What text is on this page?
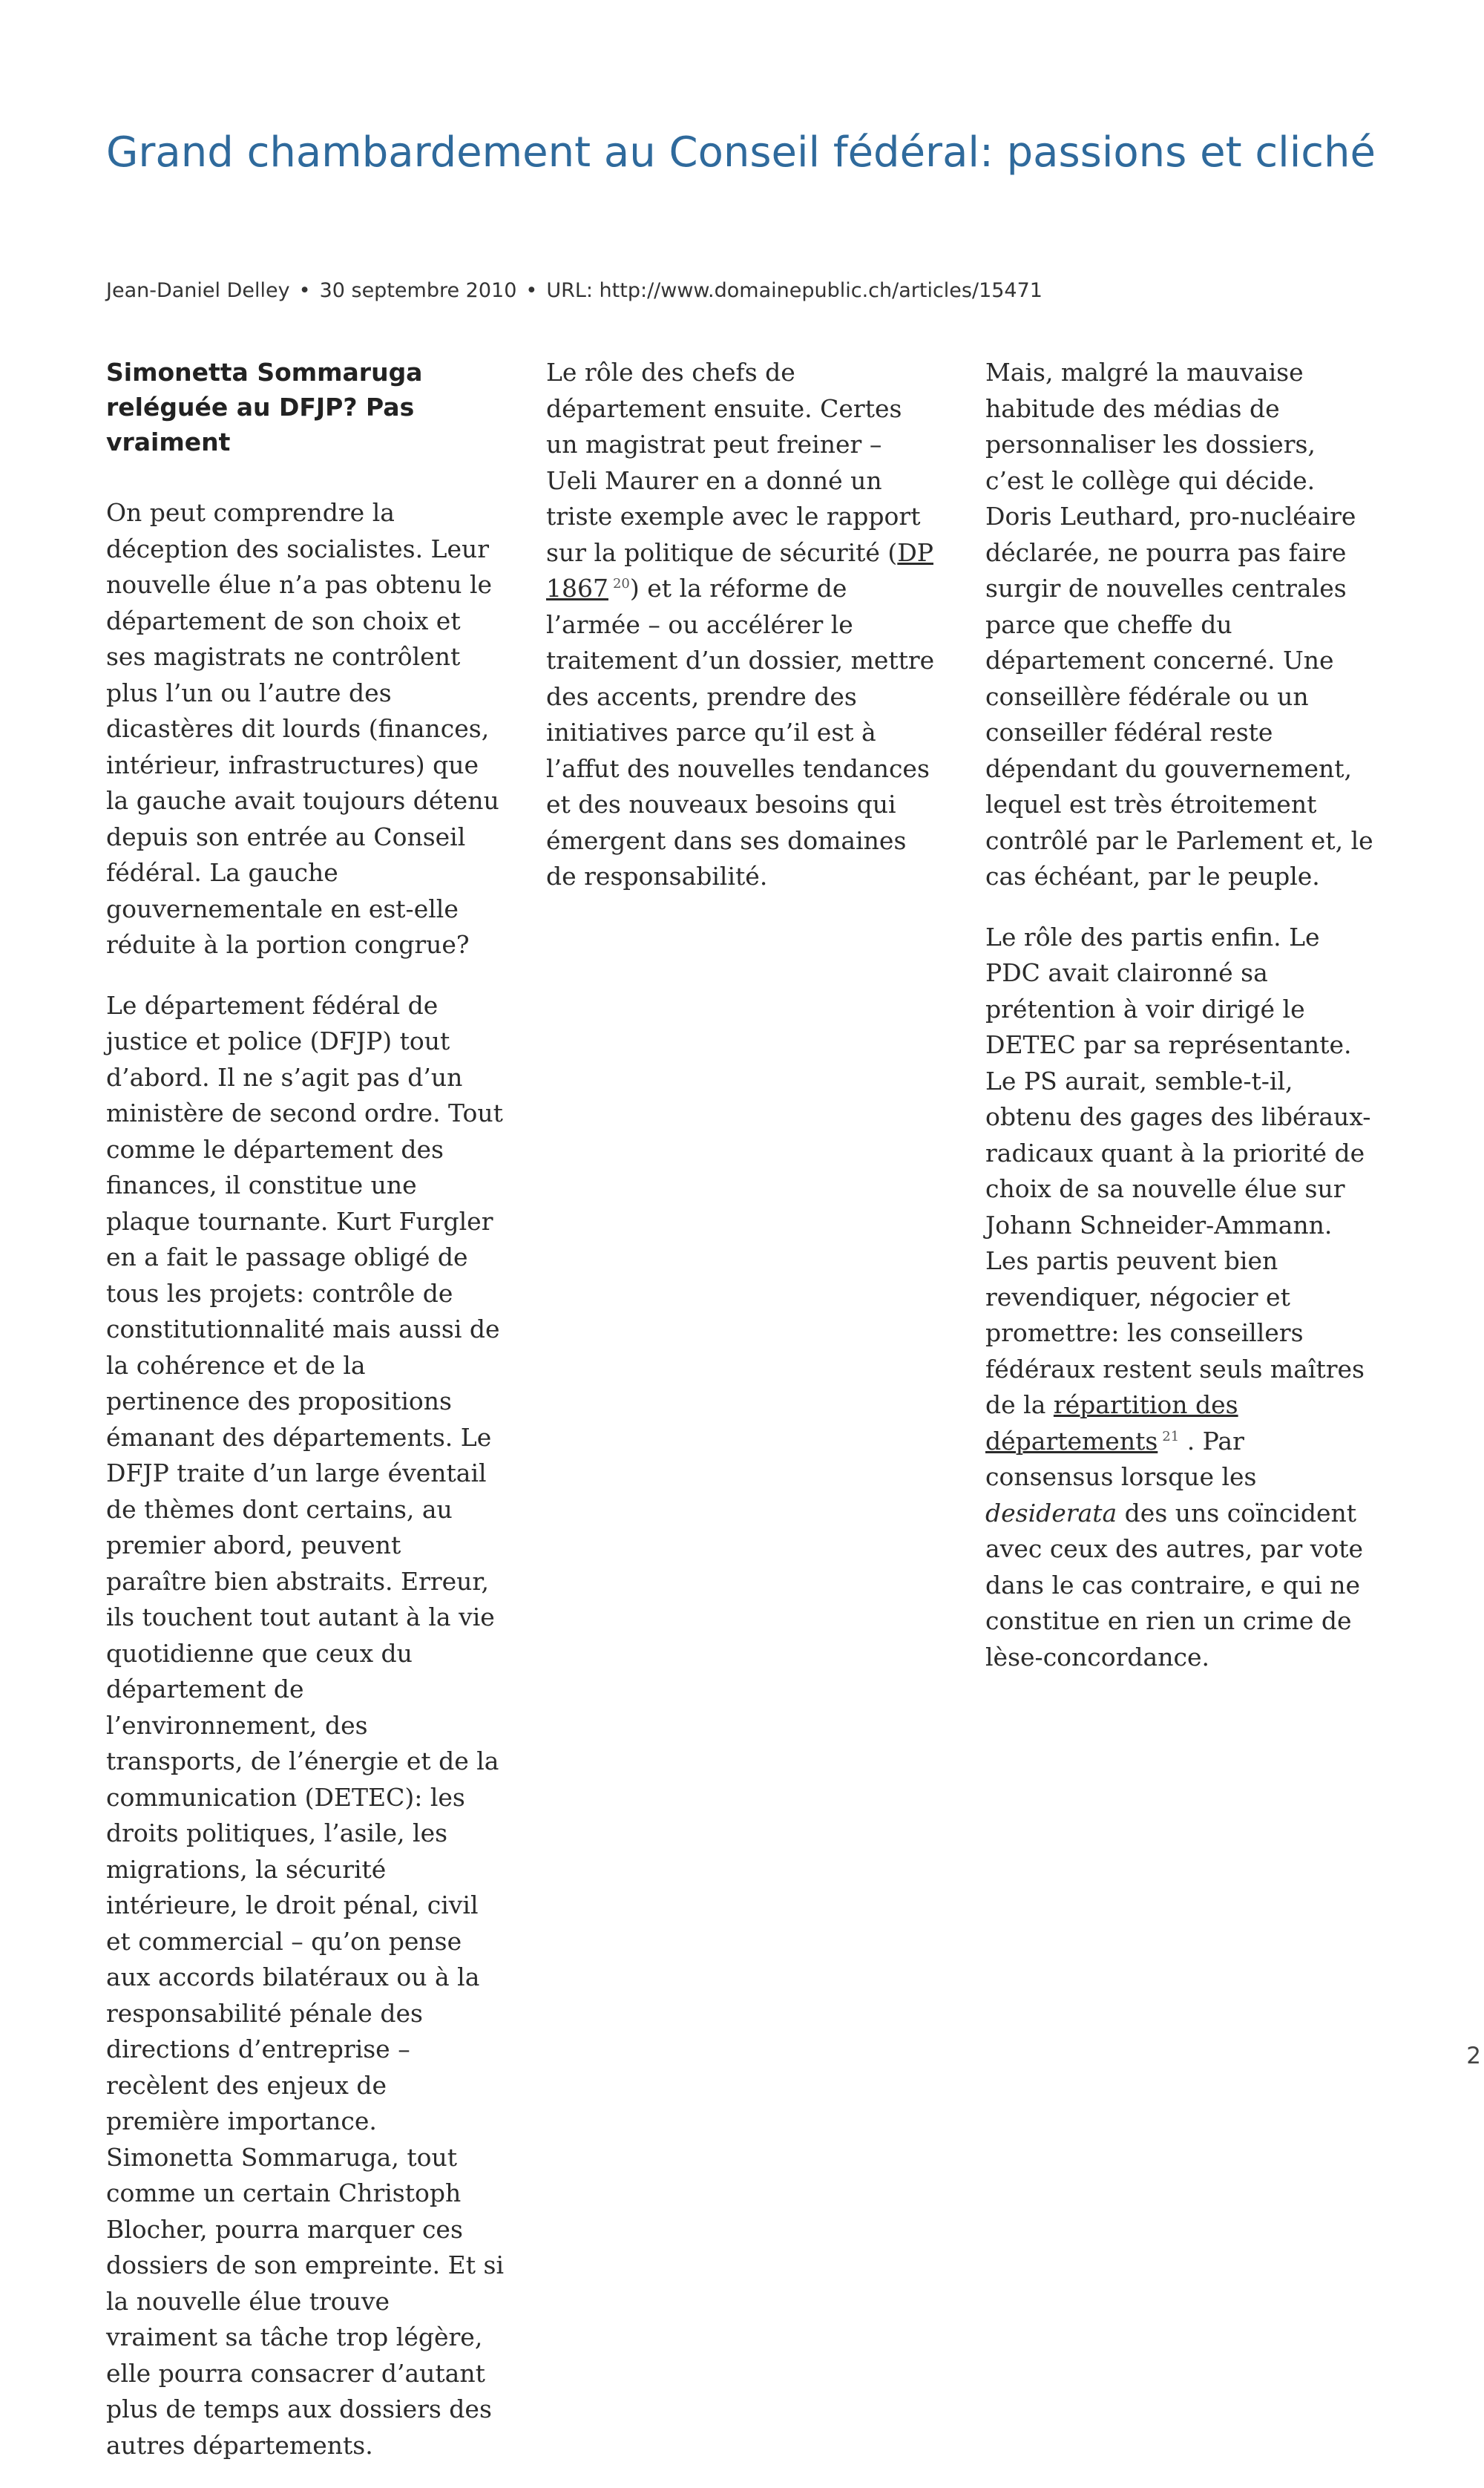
Grand chambardement au Conseil fédéral: passions et cliché
Jean-Daniel Delley • 30 septembre 2010 • URL: http://www.domainepublic.ch/articles/15471
Simonetta Sommaruga reléguée au DFJP? Pas vraiment

On peut comprendre la déception des socialistes. Leur nouvelle élue n’a pas obtenu le département de son choix et ses magistrats ne contrôlent plus l’un ou l’autre des dicastères dit lourds (finances, intérieur, infrastructures) que la gauche avait toujours détenu depuis son entrée au Conseil fédéral. La gauche gouvernementale en est-elle réduite à la portion congrue?

Le département fédéral de justice et police (DFJP) tout d’abord. Il ne s’agit pas d’un ministère de second ordre. Tout comme le département des finances, il constitue une plaque tournante. Kurt Furgler en a fait le passage obligé de tous les projets: contrôle de constitutionnalité mais aussi de la cohérence et de la pertinence des propositions émanant des départements. Le DFJP traite d’un large éventail de thèmes dont certains, au premier abord, peuvent paraître bien abstraits. Erreur, ils touchent tout autant à la vie quotidienne que ceux du département de l’environnement, des transports, de l’énergie et de la communication (DETEC): les droits politiques, l’asile, les migrations, la sécurité intérieure, le droit pénal, civil et commercial – qu’on pense aux accords bilatéraux ou à la responsabilité pénale des directions d’entreprise – recèlent des enjeux de première importance. Simonetta Sommaruga, tout comme un certain Christoph Blocher, pourra marquer ces dossiers de son empreinte. Et si la nouvelle élue trouve vraiment sa tâche trop légère, elle pourra consacrer d’autant plus de temps aux dossiers des autres départements.

Le rôle des chefs de département ensuite. Certes un magistrat peut freiner – Ueli Maurer en a donné un triste exemple avec le rapport sur la politique de sécurité (DP 1867 $^{20}$) et la réforme de l’armée – ou accélérer le traitement d’un dossier, mettre des accents, prendre des initiatives parce qu’il est à l’affut des nouvelles tendances et des nouveaux besoins qui émergent dans ses domaines de responsabilité.

Mais, malgré la mauvaise habitude des médias de personnaliser les dossiers, c’est le collège qui décide. Doris Leuthard, pro-nucléaire déclarée, ne pourra pas faire surgir de nouvelles centrales parce que cheffe du département concerné. Une conseillère fédérale ou un conseiller fédéral reste dépendant du gouvernement, lequel est très étroitement contrôlé par le Parlement et, le cas échéant, par le peuple.

Le rôle des partis enfin. Le PDC avait claironné sa prétention à voir dirigé le DETEC par sa représentante. Le PS aurait, semble-t-il, obtenu des gages des libéraux-radicaux quant à la priorité de choix de sa nouvelle élue sur Johann Schneider-Ammann. Les partis peuvent bien revendiquer, négocier et promettre: les conseillers fédéraux restent seuls maîtres de la répartition des départements $^{21}$ . Par consensus lorsque les desiderata des uns coïncident avec ceux des autres, par vote dans le cas contraire, e qui ne constitue en rien un crime de lèse-concordance.

2
